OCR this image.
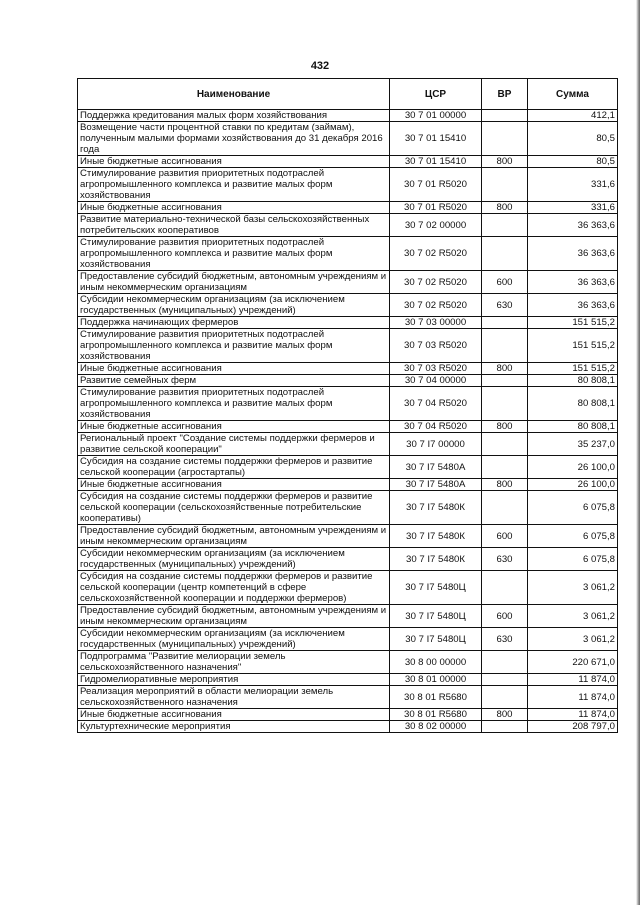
432
Наименование	ЦСР	ВР	Сумма
Поддержка кредитования малых форм хозяйствования	30 7 01 00000		412,1
Возмещение части процентной ставки по кредитам (займам), полученным малыми формами хозяйствования до 31 декабря 2016 года	30 7 01 15410		80,5
Иные бюджетные ассигнования	30 7 01 15410	800	80,5
Стимулирование развития приоритетных подотраслей агропромышленного комплекса и развитие малых форм хозяйствования	30 7 01 R5020		331,6
Иные бюджетные ассигнования	30 7 01 R5020	800	331,6
Развитие материально-технической базы сельскохозяйственных потребительских кооперативов	30 7 02 00000		36 363,6
Стимулирование развития приоритетных подотраслей агропромышленного комплекса и развитие малых форм хозяйствования	30 7 02 R5020		36 363,6
Предоставление субсидий бюджетным, автономным учреждениям и иным некоммерческим организациям	30 7 02 R5020	600	36 363,6
Субсидии некоммерческим организациям (за исключением государственных (муниципальных) учреждений)	30 7 02 R5020	630	36 363,6
Поддержка начинающих фермеров	30 7 03 00000		151 515,2
Стимулирование развития приоритетных подотраслей агропромышленного комплекса и развитие малых форм хозяйствования	30 7 03 R5020		151 515,2
Иные бюджетные ассигнования	30 7 03 R5020	800	151 515,2
Развитие семейных ферм	30 7 04 00000		80 808,1
Стимулирование развития приоритетных подотраслей агропромышленного комплекса и развитие малых форм хозяйствования	30 7 04 R5020		80 808,1
Иные бюджетные ассигнования	30 7 04 R5020	800	80 808,1
Региональный проект "Создание системы поддержки фермеров и развитие сельской кооперации"	30 7 I7 00000		35 237,0
Субсидия на создание системы поддержки фермеров и развитие сельской кооперации (агростартапы)	30 7 I7 5480A		26 100,0
Иные бюджетные ассигнования	30 7 I7 5480A	800	26 100,0
Субсидия на создание системы поддержки фермеров и развитие сельской кооперации (сельскохозяйственные потребительские кооперативы)	30 7 I7 5480К		6 075,8
Предоставление субсидий бюджетным, автономным учреждениям и иным некоммерческим организациям	30 7 I7 5480К	600	6 075,8
Субсидии некоммерческим организациям (за исключением государственных (муниципальных) учреждений)	30 7 I7 5480К	630	6 075,8
Субсидия на создание системы поддержки фермеров и развитие сельской кооперации (центр компетенций в сфере сельскохозяйственной кооперации и поддержки фермеров)	30 7 I7 5480Ц		3 061,2
Предоставление субсидий бюджетным, автономным учреждениям и иным некоммерческим организациям	30 7 I7 5480Ц	600	3 061,2
Субсидии некоммерческим организациям (за исключением государственных (муниципальных) учреждений)	30 7 I7 5480Ц	630	3 061,2
Подпрограмма "Развитие мелиорации земель сельскохозяйственного назначения"	30 8 00 00000		220 671,0
Гидромелиоративные мероприятия	30 8 01 00000		11 874,0
Реализация мероприятий в области мелиорации земель сельскохозяйственного назначения	30 8 01 R5680		11 874,0
Иные бюджетные ассигнования	30 8 01 R5680	800	11 874,0
Культуртехнические мероприятия	30 8 02 00000		208 797,0
